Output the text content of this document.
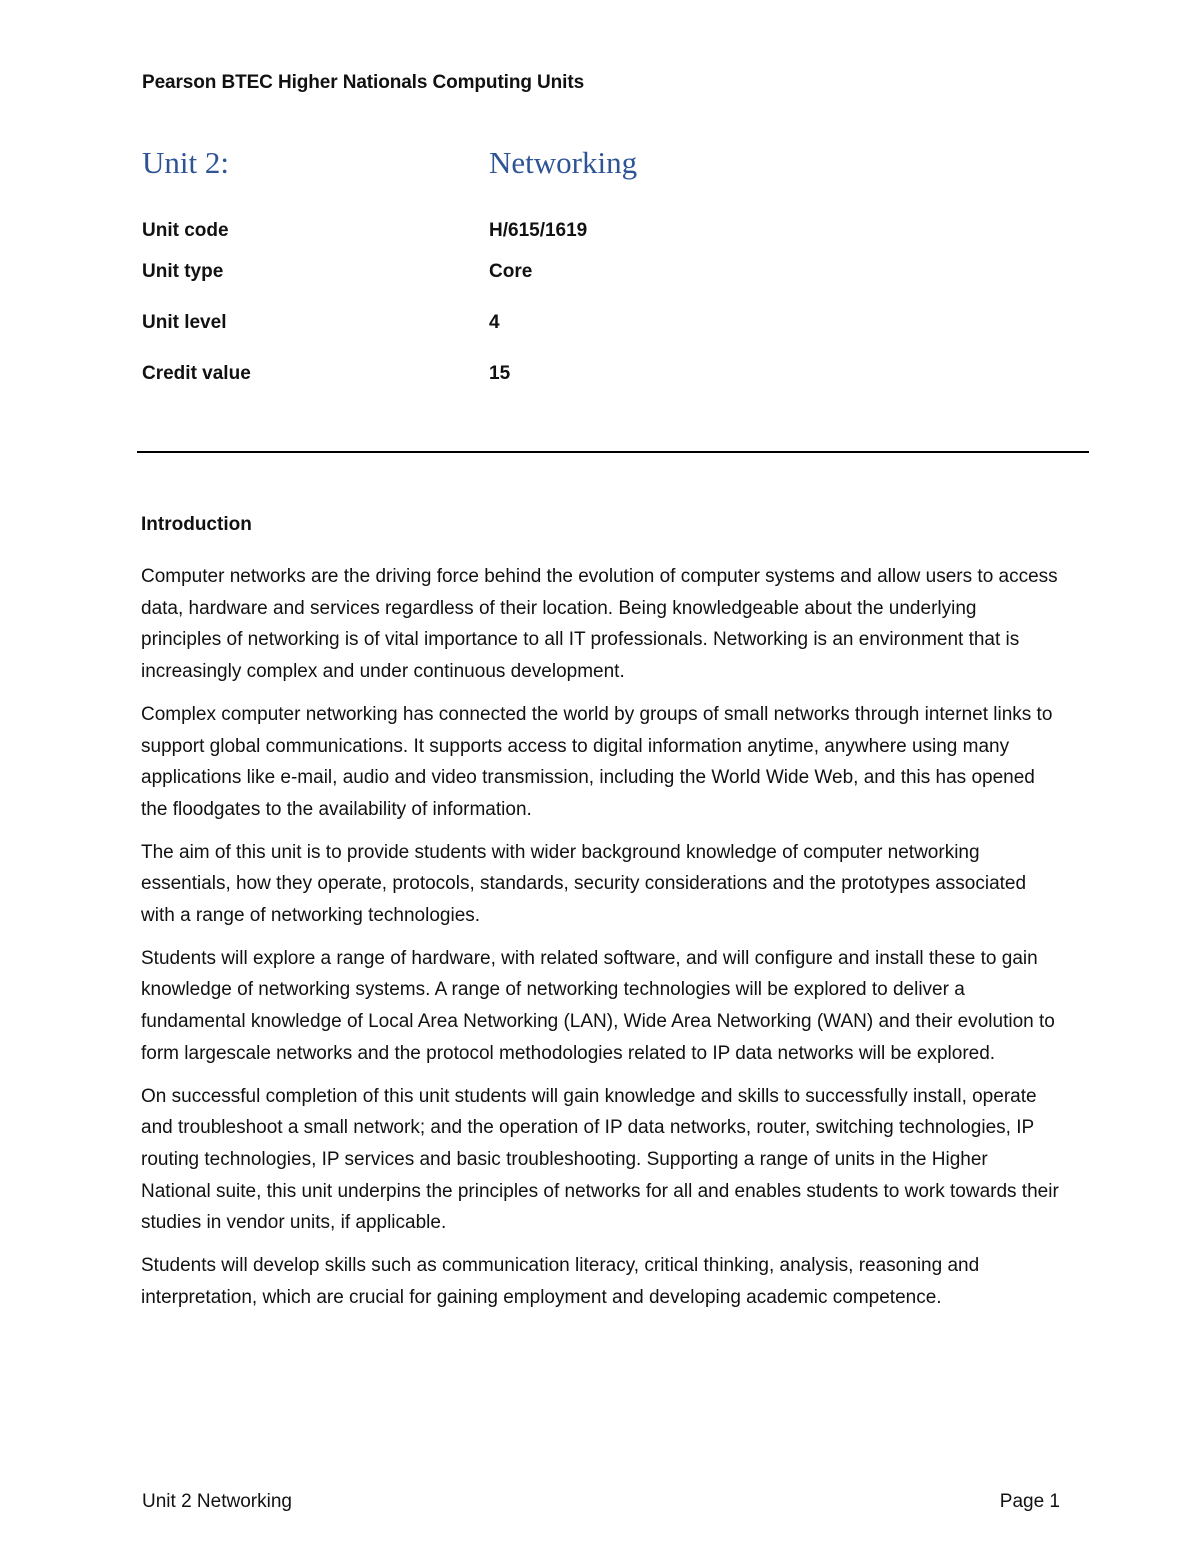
Pearson BTEC Higher Nationals Computing Units
Unit 2:	Networking
Unit code	H/615/1619
Unit type	Core
Unit level	4
Credit value	15
Introduction

Computer networks are the driving force behind the evolution of computer systems and allow users to access data, hardware and services regardless of their location. Being knowledgeable about the underlying principles of networking is of vital importance to all IT professionals. Networking is an environment that is increasingly complex and under continuous development.

Complex computer networking has connected the world by groups of small networks through internet links to support global communications. It supports access to digital information anytime, anywhere using many applications like e-mail, audio and video transmission, including the World Wide Web, and this has opened the floodgates to the availability of information.

The aim of this unit is to provide students with wider background knowledge of computer networking essentials, how they operate, protocols, standards, security considerations and the prototypes associated with a range of networking technologies.

Students will explore a range of hardware, with related software, and will configure and install these to gain knowledge of networking systems. A range of networking technologies will be explored to deliver a fundamental knowledge of Local Area Networking (LAN), Wide Area Networking (WAN) and their evolution to form largescale networks and the protocol methodologies related to IP data networks will be explored.

On successful completion of this unit students will gain knowledge and skills to successfully install, operate and troubleshoot a small network; and the operation of IP data networks, router, switching technologies, IP routing technologies, IP services and basic troubleshooting. Supporting a range of units in the Higher National suite, this unit underpins the principles of networks for all and enables students to work towards their studies in vendor units, if applicable.

Students will develop skills such as communication literacy, critical thinking, analysis, reasoning and interpretation, which are crucial for gaining employment and developing academic competence.

Unit 2 Networking	Page 1
